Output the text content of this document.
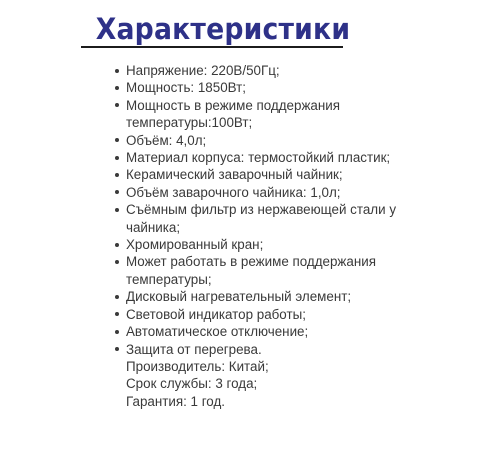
Характеристики
Напряжение: 220В/50Гц;
Мощность: 1850Вт;
Мощность в режиме поддержания температуры:100Вт;
Объём: 4,0л;
Материал корпуса: термостойкий пластик;
Керамический заварочный чайник;
Объём заварочного чайника: 1,0л;
Съёмным фильтр из нержавеющей стали у чайника;
Хромированный кран;
Может работать в режиме поддержания температуры;
Дисковый нагревательный элемент;
Световой индикатор работы;
Автоматическое отключение;
Защита от перегрева.
Производитель: Китай;
Срок службы: 3 года;
Гарантия: 1 год.
